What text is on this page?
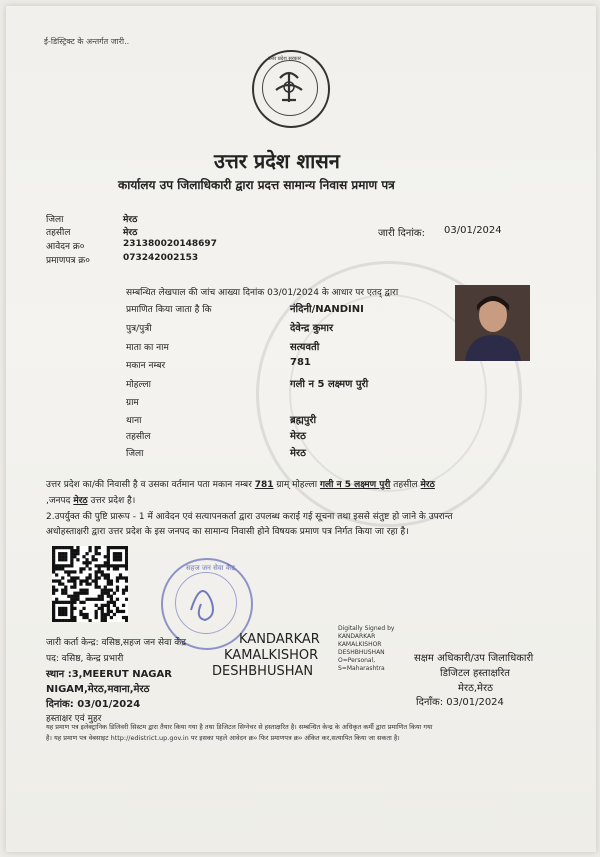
ई-डिस्ट्रिक्ट के अन्तर्गत जारी..
उत्तर प्रदेश सरकार
उत्तर प्रदेश शासन
कार्यालय उप जिलाधिकारी द्वारा प्रदत्त सामान्य निवास प्रमाण पत्र
जिला	मेरठ
तहसील	मेरठ
आवेदन क्र०	231380020148697
प्रमाणपत्र क्र०	073242002153
जारी दिनांक: 03/01/2024
सम्बन्धित लेखपाल की जांच आख्या दिनांक 03/01/2024 के आधार पर एतद् द्वारा
प्रमाणित किया जाता है कि	नंदिनी/NANDINI
पुत्र/पुत्री	देवेन्द्र कुमार
माता का नाम	सत्यवती
मकान नम्बर	781
मोहल्ला	गली न 5 लक्ष्मण पुरी
ग्राम
थाना	ब्रह्मपुरी
तहसील	मेरठ
जिला	मेरठ
उत्तर प्रदेश का/की निवासी है व उसका वर्तमान पता मकान नम्बर 781 ग्राम् मोहल्ला गली न 5 लक्ष्मण पुरी तहसील मेरठ
,जनपद मेरठ उत्तर प्रदेश है।
2.उपर्युक्त की पुष्टि प्रारूप - 1 में आवेदन एवं सत्यापनकर्ता द्वारा उपलब्ध कराई गई सूचना तथा इससे संतुष्ट हो जाने के उपरान्त
अधोहस्ताक्षरी द्वारा उत्तर प्रदेश के इस जनपद का सामान्य निवासी होने विषयक प्रमाण पत्र निर्गत किया जा रहा है।
सहज जन सेवा केंद्र
जारी कर्ता केन्द्र: वसिष्ठ,सहज जन सेवा केंद्र
पद: वसिष्ठ, केन्द्र प्रभारी
स्थान :3,MEERUT NAGAR
NIGAM,मेरठ,मवाना,मेरठ
दिनांक: 03/01/2024
हस्ताक्षर एवं मुहर
KANDARKAR
KAMALKISHOR
DESHBHUSHAN
Digitally Signed by
KANDARKAR
KAMALKISHOR
DESHBHUSHAN
O=Personal,
S=Maharashtra
सक्षम अधिकारी/उप जिलाधिकारी
डिजिटल हस्ताक्षरित
मेरठ,मेरठ
दिनाँक: 03/01/2024
यह प्रमाण पत्र इलेक्ट्रानिक डिलिवरी सिस्टम द्वारा तैयार किया गया है तथा डिजिटल सिग्नेचर से हस्ताक्षरित है। सम्बन्धित केन्द्र के अधिकृत कर्मी द्वारा प्रमाणित किया गया
है। यह प्रमाण पत्र वेबसाइट http://edistrict.up.gov.in पर इसका पहले आवेदन क्र० फिर प्रमाणपत्र क्र० अंकित कर,सत्यापित किया जा सकता है।
